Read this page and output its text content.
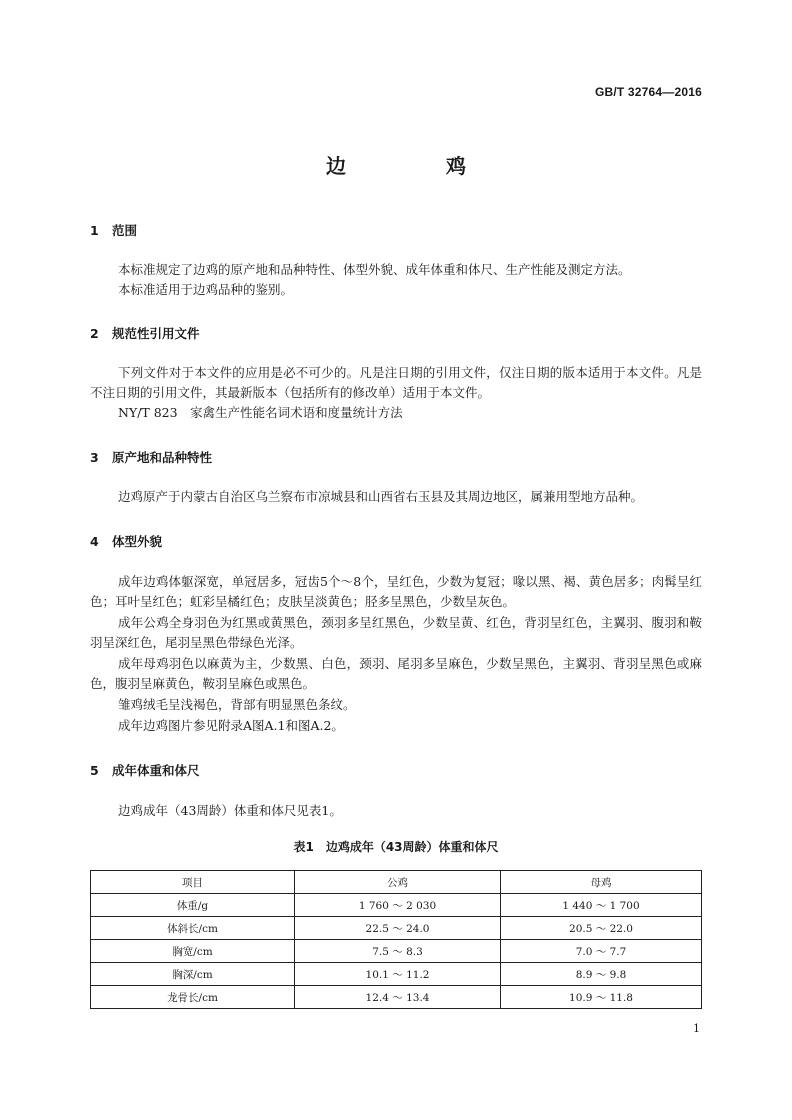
GB/T 32764—2016
边　鸡
1 范围
本标准规定了边鸡的原产地和品种特性、体型外貌、成年体重和体尺、生产性能及测定方法。
本标准适用于边鸡品种的鉴别。
2 规范性引用文件
下列文件对于本文件的应用是必不可少的。凡是注日期的引用文件，仅注日期的版本适用于本文件。凡是不注日期的引用文件，其最新版本（包括所有的修改单）适用于本文件。
NY/T 823　家禽生产性能名词术语和度量统计方法
3 原产地和品种特性
边鸡原产于内蒙古自治区乌兰察布市凉城县和山西省右玉县及其周边地区，属兼用型地方品种。
4 体型外貌
成年边鸡体躯深宽，单冠居多，冠齿5个～8个，呈红色，少数为复冠；喙以黑、褐、黄色居多；肉髯呈红色；耳叶呈红色；虹彩呈橘红色；皮肤呈淡黄色；胫多呈黑色，少数呈灰色。
成年公鸡全身羽色为红黑或黄黑色，颈羽多呈红黑色，少数呈黄、红色，背羽呈红色，主翼羽、腹羽和鞍羽呈深红色，尾羽呈黑色带绿色光泽。
成年母鸡羽色以麻黄为主，少数黑、白色，颈羽、尾羽多呈麻色，少数呈黑色，主翼羽、背羽呈黑色或麻色，腹羽呈麻黄色，鞍羽呈麻色或黑色。
雏鸡绒毛呈浅褐色，背部有明显黑色条纹。
成年边鸡图片参见附录A图A.1和图A.2。
5 成年体重和体尺
边鸡成年（43周龄）体重和体尺见表1。
表1　边鸡成年（43周龄）体重和体尺
项目	公鸡	母鸡
体重/g	1 760 ～ 2 030	1 440 ～ 1 700
体斜长/cm	22.5 ～ 24.0	20.5 ～ 22.0
胸宽/cm	7.5 ～ 8.3	7.0 ～ 7.7
胸深/cm	10.1 ～ 11.2	8.9 ～ 9.8
龙骨长/cm	12.4 ～ 13.4	10.9 ～ 11.8
1
